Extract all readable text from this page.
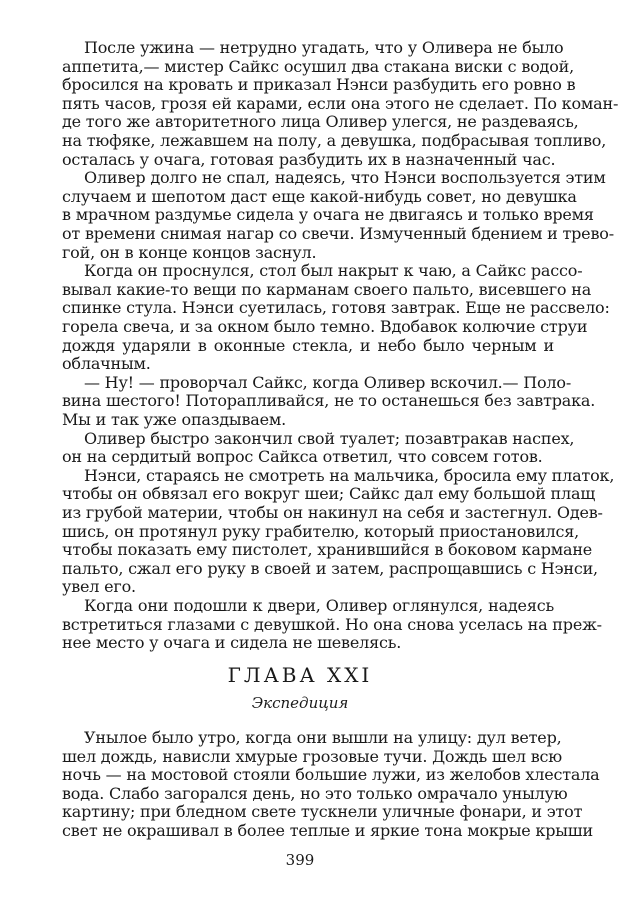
ГЛАВА XXI
Экспедиция
399
После ужина — нетрудно угадать, что у Оливера не было
аппетита,— мистер Сайкс осушил два стакана виски с водой,
бросился на кровать и приказал Нэнси разбудить его ровно в
пять часов, грозя ей карами, если она этого не сделает. По коман-
де того же авторитетного лица Оливер улегся, не раздеваясь,
на тюфяке, лежавшем на полу, а девушка, подбрасывая топливо,
осталась у очага, готовая разбудить их в назначенный час.
Оливер долго не спал, надеясь, что Нэнси воспользуется этим
случаем и шепотом даст еще какой-нибудь совет, но девушка
в мрачном раздумье сидела у очага не двигаясь и только время
от времени снимая нагар со свечи. Измученный бдением и трево-
гой, он в конце концов заснул.
Когда он проснулся, стол был накрыт к чаю, а Сайкс рассо-
вывал какие-то вещи по карманам своего пальто, висевшего на
спинке стула. Нэнси суетилась, готовя завтрак. Еще не рассвело:
горела свеча, и за окном было темно. Вдобавок колючие струи
дождя ударяли в оконные стекла, и небо было черным и
облачным.
— Ну! — проворчал Сайкс, когда Оливер вскочил.— Поло-
вина шестого! Поторапливайся, не то останешься без завтрака.
Мы и так уже опаздываем.
Оливер быстро закончил свой туалет; позавтракав наспех,
он на сердитый вопрос Сайкса ответил, что совсем готов.
Нэнси, стараясь не смотреть на мальчика, бросила ему платок,
чтобы он обвязал его вокруг шеи; Сайкс дал ему большой плащ
из грубой материи, чтобы он накинул на себя и застегнул. Одев-
шись, он протянул руку грабителю, который приостановился,
чтобы показать ему пистолет, хранившийся в боковом кармане
пальто, сжал его руку в своей и затем, распрощавшись с Нэнси,
увел его.
Когда они подошли к двери, Оливер оглянулся, надеясь
встретиться глазами с девушкой. Но она снова уселась на преж-
нее место у очага и сидела не шевелясь.
Унылое было утро, когда они вышли на улицу: дул ветер,
шел дождь, нависли хмурые грозовые тучи. Дождь шел всю
ночь — на мостовой стояли большие лужи, из желобов хлестала
вода. Слабо загорался день, но это только омрачало унылую
картину; при бледном свете тускнели уличные фонари, и этот
свет не окрашивал в более теплые и яркие тона мокрые крыши
